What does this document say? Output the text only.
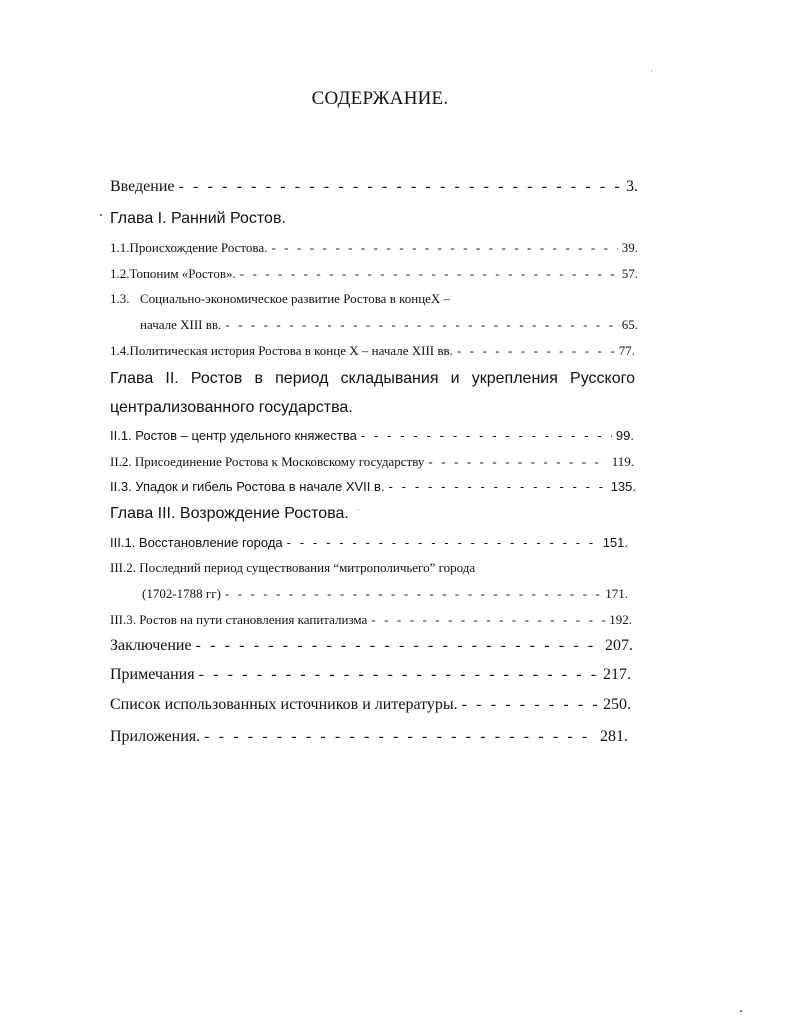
СОДЕРЖАНИЕ.
Введение - - -	3.
Глава I. Ранний Ростов.
1.1. Происхождение Ростова. - - -	39.
1.2. Топоним «Ростов». - - -	57.
1.3. Социально-экономическое развитие Ростова в концеХ –
начале XIII вв. - - -	65.
1.4. Политическая история Ростова в конце Х – начале XIII вв. - - -	77.
Глава II. Ростов в период складывания и укрепления Русского
централизованного государства.
II.1. Ростов – центр удельного княжества - - -	99.
II.2. Присоединение Ростова к Московскому государству - - -	119.
II.3. Упадок и гибель Ростова в начале XVII в. - - -	135.
Глава III. Возрождение Ростова.
III.1. Восстановление города - - -	151.
III.2. Последний период существования “митрополичьего” города
(1702-1788 гг) - - -	171.
III.3. Ростов на пути становления капитализма - - -	192.
Заключение - - -	207.
Примечания - - -	217.
Список использованных источников и литературы. - - -	250.
Приложения. - - -	281.
